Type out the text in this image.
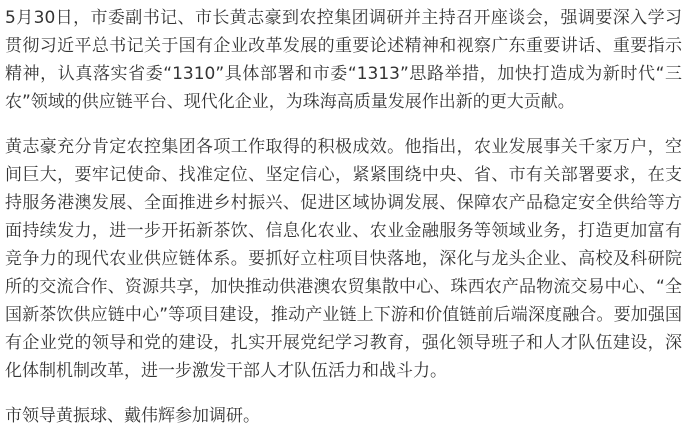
5月30日，市委副书记、市长黄志豪到农控集团调研并主持召开座谈会，强调要深入学习贯彻习近平总书记关于国有企业改革发展的重要论述精神和视察广东重要讲话、重要指示精神，认真落实省委“1310”具体部署和市委“1313”思路举措，加快打造成为新时代“三农”领域的供应链平台、现代化企业，为珠海高质量发展作出新的更大贡献。

黄志豪充分肯定农控集团各项工作取得的积极成效。他指出，农业发展事关千家万户，空间巨大，要牢记使命、找准定位、坚定信心，紧紧围绕中央、省、市有关部署要求，在支持服务港澳发展、全面推进乡村振兴、促进区域协调发展、保障农产品稳定安全供给等方面持续发力，进一步开拓新茶饮、信息化农业、农业金融服务等领域业务，打造更加富有竞争力的现代农业供应链体系。要抓好立柱项目快落地，深化与龙头企业、高校及科研院所的交流合作、资源共享，加快推动供港澳农贸集散中心、珠西农产品物流交易中心、“全国新茶饮供应链中心”等项目建设，推动产业链上下游和价值链前后端深度融合。要加强国有企业党的领导和党的建设，扎实开展党纪学习教育，强化领导班子和人才队伍建设，深化体制机制改革，进一步激发干部人才队伍活力和战斗力。

市领导黄振球、戴伟辉参加调研。
